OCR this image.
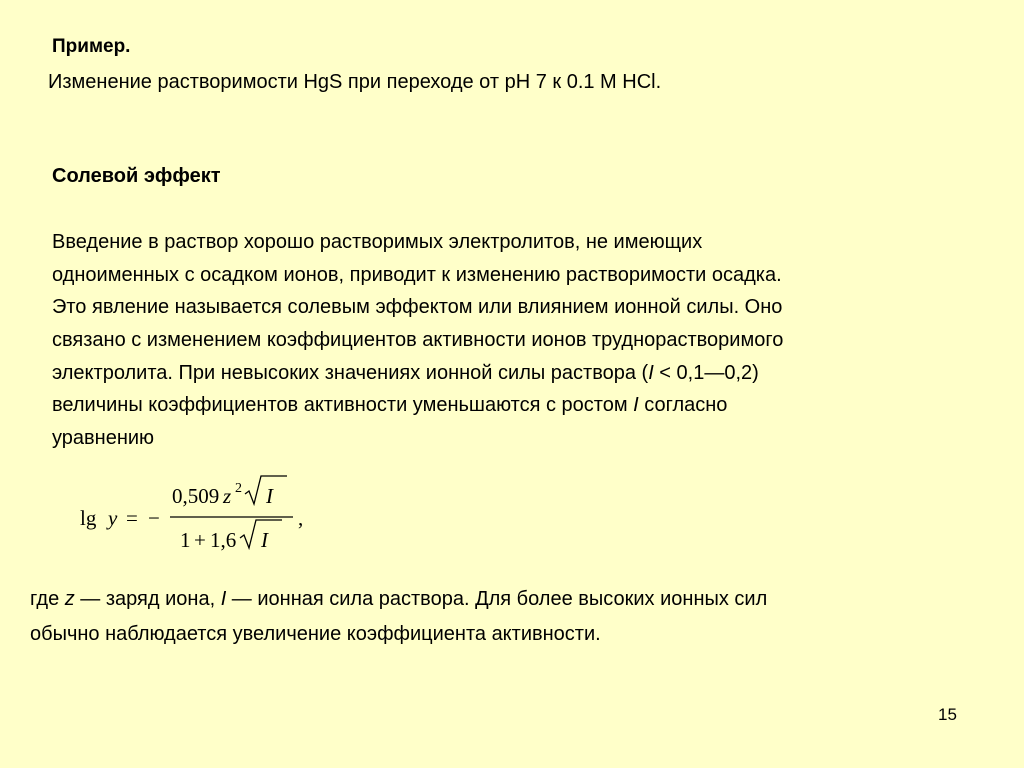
Пример.
Изменение растворимости HgS при переходе от pH 7 к 0.1 М HCl.
Солевой эффект
Введение в раствор хорошо растворимых электролитов, не имеющих
одноименных с осадком ионов, приводит к изменению растворимости осадка.
Это явление называется солевым эффектом или влиянием ионной силы. Оно
связано с изменением коэффициентов активности ионов труднорастворимого
электролита. При невысоких значениях ионной силы раствора (I < 0,1—0,2)
величины коэффициентов активности уменьшаются с ростом I согласно
уравнению
lg y = −
0,509 z 2 I
1 + 1,6 I
,
где z — заряд иона, I — ионная сила раствора. Для более высоких ионных сил
обычно наблюдается увеличение коэффициента активности.
15
